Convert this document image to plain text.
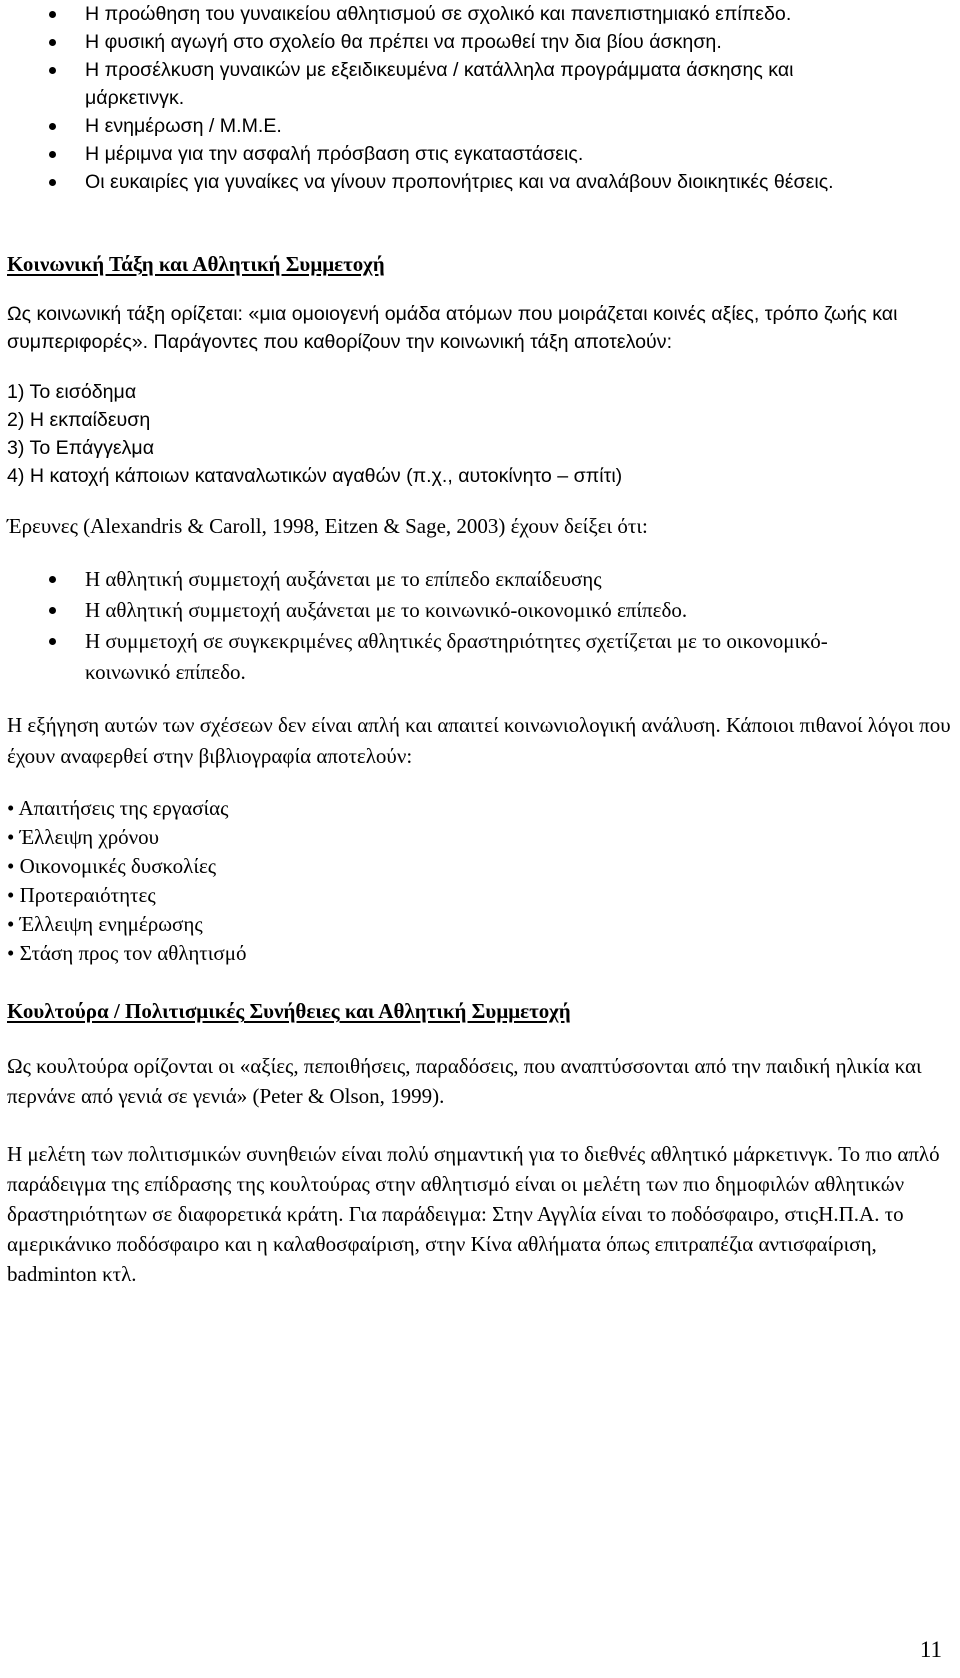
Η προώθηση του γυναικείου αθλητισμού σε σχολικό και πανεπιστημιακό επίπεδο.
Η φυσική αγωγή στο σχολείο θα πρέπει να προωθεί την δια βίου άσκηση.
Η προσέλκυση γυναικών με εξειδικευμένα / κατάλληλα προγράμματα άσκησης και μάρκετινγκ.
Η ενημέρωση / Μ.Μ.Ε.
Η μέριμνα για την ασφαλή πρόσβαση στις εγκαταστάσεις.
Οι ευκαιρίες για γυναίκες να γίνουν προπονήτριες και να αναλάβουν διοικητικές θέσεις.
Κοινωνική Τάξη και Αθλητική Συμμετοχή

Ως κοινωνική τάξη ορίζεται: «μια ομοιογενή ομάδα ατόμων που μοιράζεται κοινές αξίες, τρόπο ζωής και συμπεριφορές». Παράγοντες που καθορίζουν την κοινωνική τάξη αποτελούν:

1) Το εισόδημα
2) Η εκπαίδευση
3) Το Επάγγελμα
4) Η κατοχή κάποιων καταναλωτικών αγαθών (π.χ., αυτοκίνητο – σπίτι)

Έρευνες (Alexandris & Caroll, 1998, Eitzen & Sage, 2003) έχουν δείξει ότι:

Η αθλητική συμμετοχή αυξάνεται με το επίπεδο εκπαίδευσης
Η αθλητική συμμετοχή αυξάνεται με το κοινωνικό-οικονομικό επίπεδο.
Η συμμετοχή σε συγκεκριμένες αθλητικές δραστηριότητες σχετίζεται με το οικονομικό-κοινωνικό επίπεδο.

Η εξήγηση αυτών των σχέσεων δεν είναι απλή και απαιτεί κοινωνιολογική ανάλυση. Κάποιοι πιθανοί λόγοι που έχουν αναφερθεί στην βιβλιογραφία αποτελούν:

• Απαιτήσεις της εργασίας
• Έλλειψη χρόνου
• Οικονομικές δυσκολίες
• Προτεραιότητες
• Έλλειψη ενημέρωσης
• Στάση προς τον αθλητισμό
Κουλτούρα / Πολιτισμικές Συνήθειες και Αθλητική Συμμετοχή

Ως κουλτούρα ορίζονται οι «αξίες, πεποιθήσεις, παραδόσεις, που αναπτύσσονται από την παιδική ηλικία και περνάνε από γενιά σε γενιά» (Peter & Olson, 1999).

Η μελέτη των πολιτισμικών συνηθειών είναι πολύ σημαντική για το διεθνές αθλητικό μάρκετινγκ. Το πιο απλό παράδειγμα της επίδρασης της κουλτούρας στην αθλητισμό είναι οι μελέτη των πιο δημοφιλών αθλητικών δραστηριότητων σε διαφορετικά κράτη. Για παράδειγμα: Στην Αγγλία είναι το ποδόσφαιρο, στιςΗ.Π.Α. το αμερικάνικο ποδόσφαιρο και η καλαθοσφαίριση, στην Κίνα αθλήματα όπως επιτραπέζια αντισφαίριση, badminton κτλ.

11
